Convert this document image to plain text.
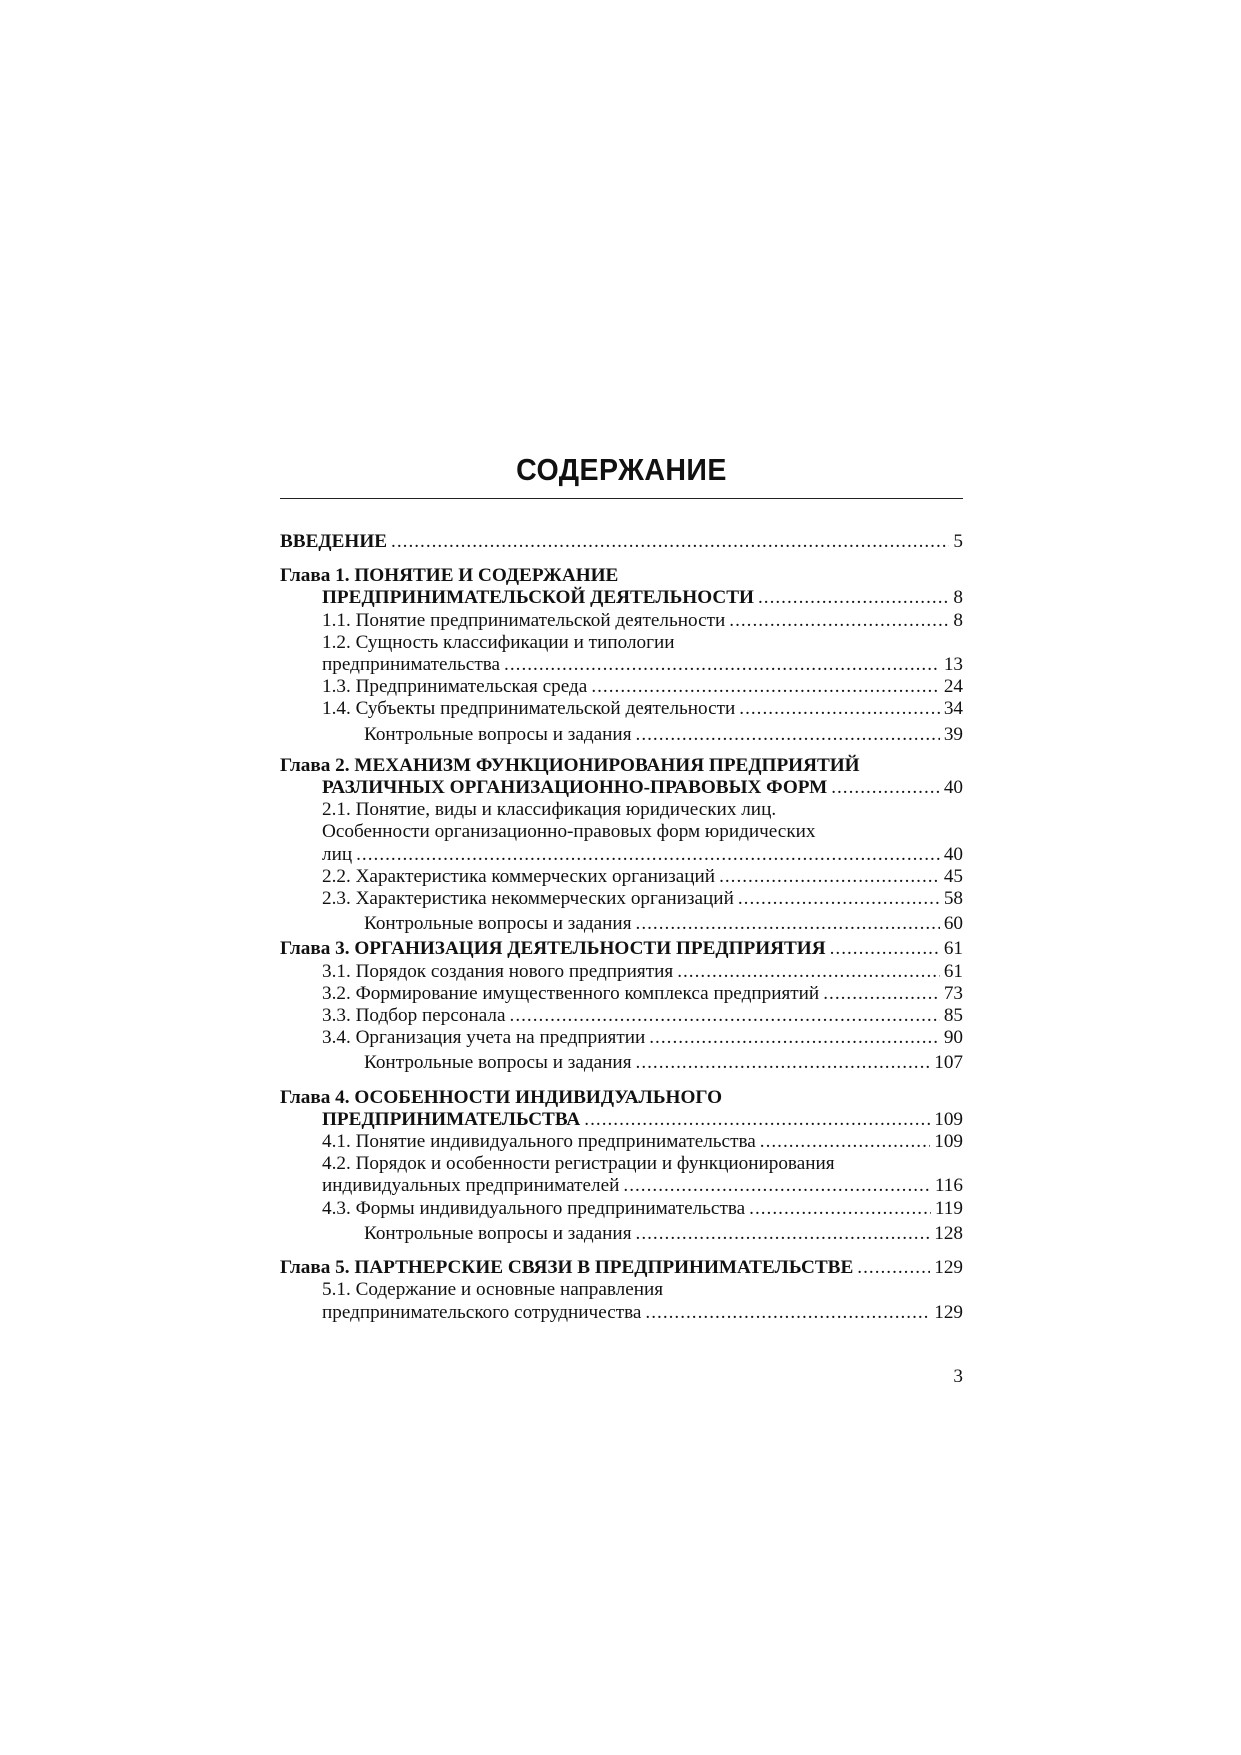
СОДЕРЖАНИЕ
ВВЕДЕНИЕ .....	5
Глава 1. ПОНЯТИЕ И СОДЕРЖАНИЕ
ПРЕДПРИНИМАТЕЛЬСКОЙ ДЕЯТЕЛЬНОСТИ .....	8
1.1. Понятие предпринимательской деятельности .....	8
1.2. Сущность классификации и типологии
предпринимательства .....	13
1.3. Предпринимательская среда .....	24
1.4. Субъекты предпринимательской деятельности .....	34
Контрольные вопросы и задания .....	39
Глава 2. МЕХАНИЗМ ФУНКЦИОНИРОВАНИЯ ПРЕДПРИЯТИЙ
РАЗЛИЧНЫХ ОРГАНИЗАЦИОННО-ПРАВОВЫХ ФОРМ .....	40
2.1. Понятие, виды и классификация юридических лиц.
Особенности организационно-правовых форм юридических
лиц .....	40
2.2. Характеристика коммерческих организаций .....	45
2.3. Характеристика некоммерческих организаций .....	58
Контрольные вопросы и задания .....	60
Глава 3. ОРГАНИЗАЦИЯ ДЕЯТЕЛЬНОСТИ ПРЕДПРИЯТИЯ .....	61
3.1. Порядок создания нового предприятия .....	61
3.2. Формирование имущественного комплекса предприятий .....	73
3.3. Подбор персонала .....	85
3.4. Организация учета на предприятии .....	90
Контрольные вопросы и задания .....	107
Глава 4. ОСОБЕННОСТИ ИНДИВИДУАЛЬНОГО
ПРЕДПРИНИМАТЕЛЬСТВА .....	109
4.1. Понятие индивидуального предпринимательства .....	109
4.2. Порядок и особенности регистрации и функционирования
индивидуальных предпринимателей .....	116
4.3. Формы индивидуального предпринимательства .....	119
Контрольные вопросы и задания .....	128
Глава 5. ПАРТНЕРСКИЕ СВЯЗИ В ПРЕДПРИНИМАТЕЛЬСТВЕ .....	129
5.1. Содержание и основные направления
предпринимательского сотрудничества .....	129
3
